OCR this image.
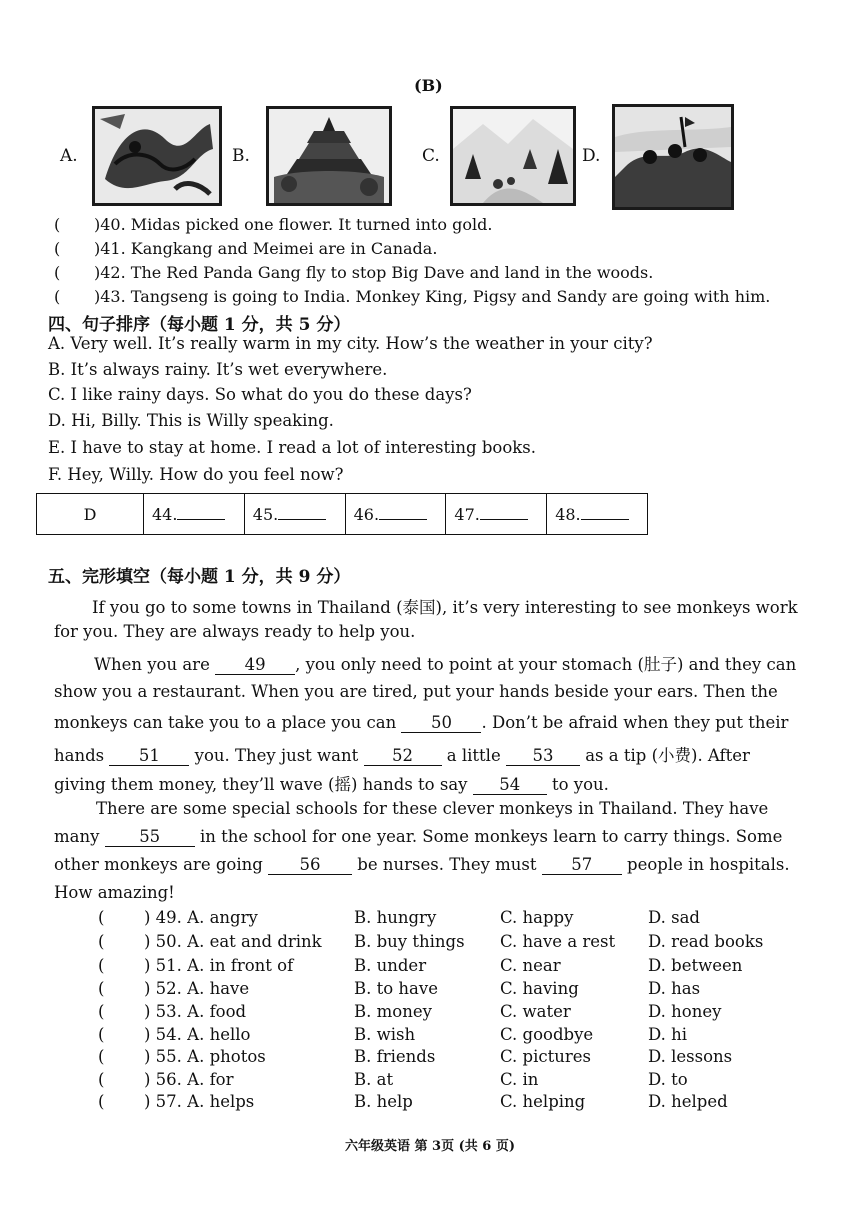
(B)
A.	B.	C.	D.
( )40. Midas picked one flower. It turned into gold.
( )41. Kangkang and Meimei are in Canada.
( )42. The Red Panda Gang fly to stop Big Dave and land in the woods.
( )43. Tangseng is going to India. Monkey King, Pigsy and Sandy are going with him.
四、句子排序（每小题 1 分，共 5 分）
A. Very well. It’s really warm in my city. How’s the weather in your city?
B. It’s always rainy. It’s wet everywhere.
C. I like rainy days. So what do you do these days?
D. Hi, Billy. This is Willy speaking.
E. I have to stay at home. I read a lot of interesting books.
F. Hey, Willy. How do you feel now?
D	44.	45.	46.	47.	48.
五、完形填空（每小题 1 分，共 9 分）
If you go to some towns in Thailand (泰国), it’s very interesting to see monkeys work
for you. They are always ready to help you.
When you are 49 , you only need to point at your stomach (肚子) and they can
show you a restaurant. When you are tired, put your hands beside your ears. Then the
monkeys can take you to a place you can 50 . Don’t be afraid when they put their
hands 51 you. They just want 52 a little 53 as a tip (小费). After
giving them money, they’ll wave (摇) hands to say 54 to you.
There are some special schools for these clever monkeys in Thailand. They have
many 55 in the school for one year. Some monkeys learn to carry things. Some
other monkeys are going 56 be nurses. They must 57 people in hospitals.
How amazing!
( ) 49. A. angry	B. hungry	C. happy	D. sad
( ) 50. A. eat and drink B. buy things C. have a rest D. read books
( ) 51. A. in front of	B. under	C. near	D. between
( ) 52. A. have	B. to have	C. having	D. has
( ) 53. A. food	B. money	C. water	D. honey
( ) 54. A. hello	B. wish	C. goodbye	D. hi
( ) 55. A. photos	B. friends	C. pictures	D. lessons
( ) 56. A. for	B. at	C. in	D. to
( ) 57. A. helps	B. help	C. helping	D. helped
六年级英语 第 3页 (共 6 页)
